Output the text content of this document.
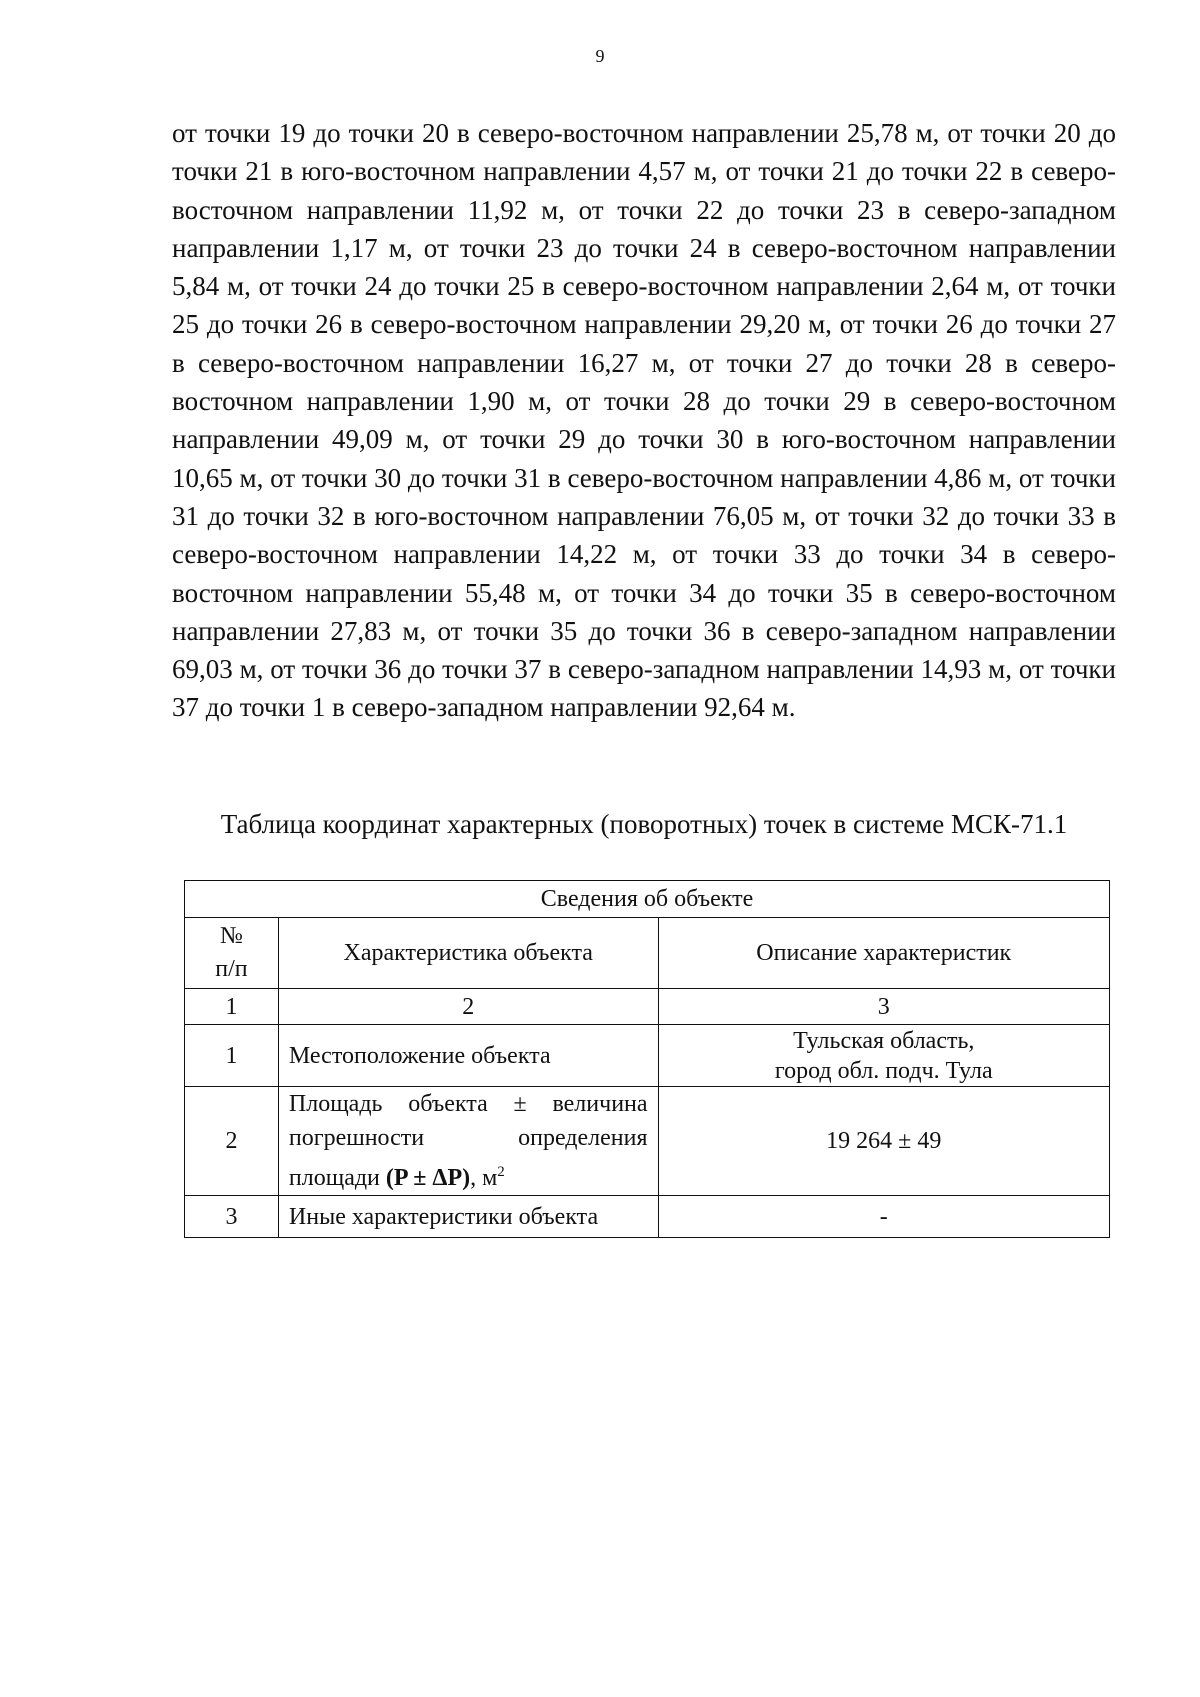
9

от точки 19 до точки 20 в северо-восточном направлении 25,78 м, от точки 20 до точки 21 в юго-восточном направлении 4,57 м, от точки 21 до точки 22 в северо-восточном направлении 11,92 м, от точки 22 до точки 23 в северо-западном направлении 1,17 м, от точки 23 до точки 24 в северо-восточном направлении 5,84 м, от точки 24 до точки 25 в северо-восточном направлении 2,64 м, от точки 25 до точки 26 в северо-восточном направлении 29,20 м, от точки 26 до точки 27 в северо-восточном направлении 16,27 м, от точки 27 до точки 28 в северо-восточном направлении 1,90 м, от точки 28 до точки 29 в северо-восточном направлении 49,09 м, от точки 29 до точки 30 в юго-восточном направлении 10,65 м, от точки 30 до точки 31 в северо-восточном направлении 4,86 м, от точки 31 до точки 32 в юго-восточном направлении 76,05 м, от точки 32 до точки 33 в северо-восточном направлении 14,22 м, от точки 33 до точки 34 в северо-восточном направлении 55,48 м, от точки 34 до точки 35 в северо-восточном направлении 27,83 м, от точки 35 до точки 36 в северо-западном направлении 69,03 м, от точки 36 до точки 37 в северо-западном направлении 14,93 м, от точки 37 до точки 1 в северо-западном направлении 92,64 м.

Таблица координат характерных (поворотных) точек в системе МСК-71.1
Сведения об объекте		
№
п/п	Характеристика объекта	Описание характеристик
1	2	3
1	Местоположение объекта	Тульская область,
город обл. подч. Тула
2	Площадь объекта ± величина
погрешности определения
площади (P ± ΔP), $м^2$	19 264 ± 49
3	Иные характеристики объекта	-
